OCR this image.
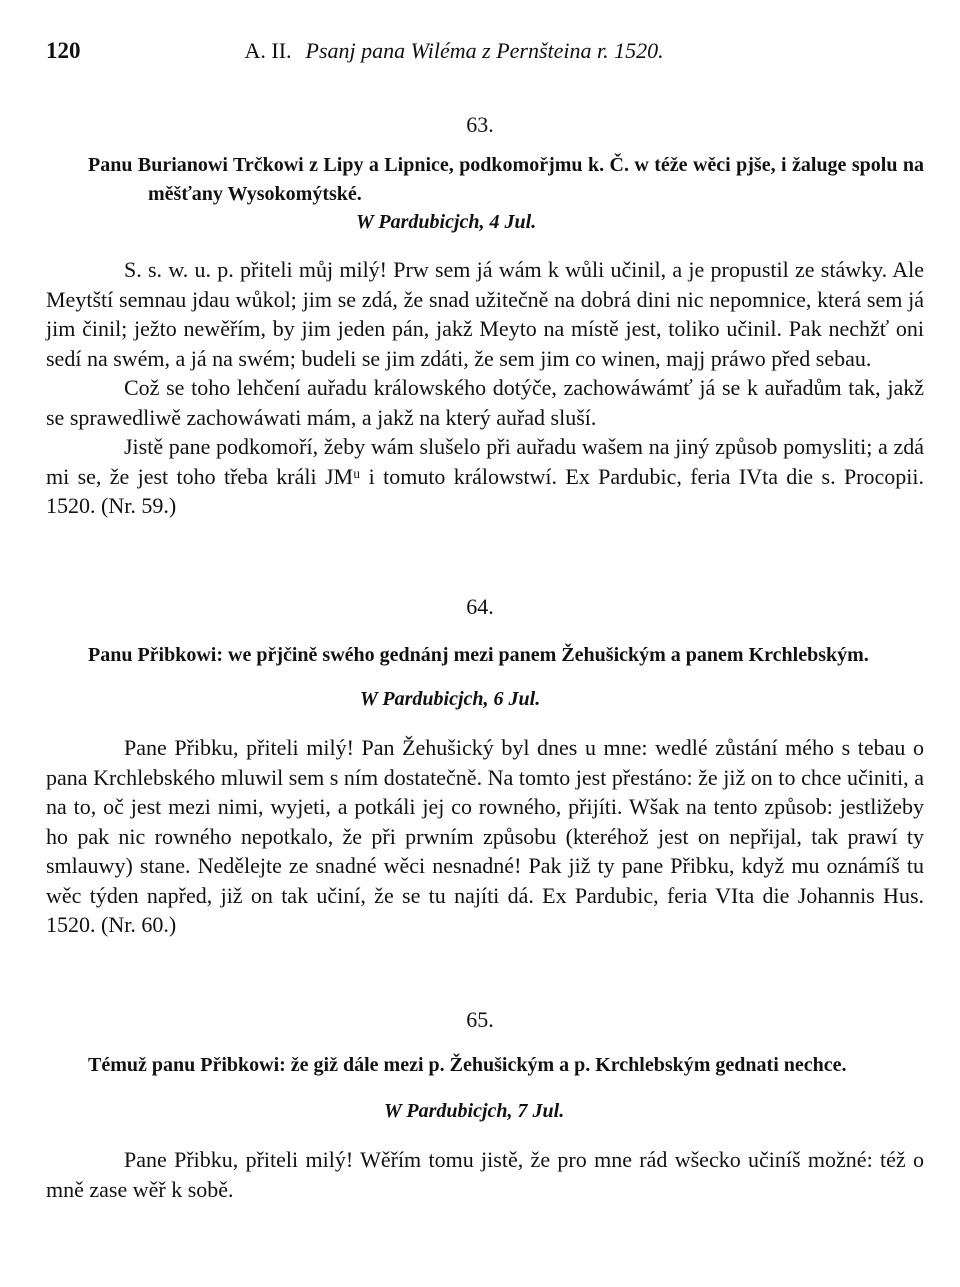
120	A. II. Psanj pana Wiléma z Pernšteina r. 1520.
63.
Panu Burianowi Trčkowi z Lipy a Lipnice, podkomořjmu k. Č. w téže wěci pjše, i žaluge spolu na měšťany Wysokomýtské.
W Pardubicjch, 4 Jul.

S. s. w. u. p. přiteli můj milý! Prw sem já wám k wůli učinil, a je propustil ze stáwky. Ale Meytští semnau jdau wůkol; jim se zdá, že snad užitečně na dobrá dini nic nepomnice, která sem já jim činil; ježto newěřím, by jim jeden pán, jakž Meyto na místě jest, toliko učinil. Pak nechžť oni sedí na swém, a já na swém; budeli se jim zdáti, že sem jim co winen, majj práwo před sebau.

Což se toho lehčení auřadu králowského dotýče, zachowáwámť já se k auřadům tak, jakž se sprawedliwě zachowáwati mám, a jakž na který auřad sluší.

Jistě pane podkomoří, žeby wám slušelo při auřadu wašem na jiný způsob pomysliti; a zdá mi se, že jest toho třeba králi JMᵘ i tomuto králowstwí. Ex Pardubic, feria IVta die s. Procopii. 1520. (Nr. 59.)

64.
Panu Přibkowi: we přjčině swého gednánj mezi panem Žehušickým a panem Krchlebským.
W Pardubicjch, 6 Jul.

Pane Přibku, přiteli milý! Pan Žehušický byl dnes u mne: wedlé zůstání mého s tebau o pana Krchlebského mluwil sem s ním dostatečně. Na tomto jest přestáno: že již on to chce učiniti, a na to, oč jest mezi nimi, wyjeti, a potkáli jej co rowného, přijíti. Wšak na tento způsob: jestližeby ho pak nic rowného nepotkalo, že při prwním způsobu (kteréhož jest on nepřijal, tak prawí ty smlauwy) stane. Nedělejte ze snadné wěci nesnadné! Pak již ty pane Přibku, když mu oznámíš tu wěc týden napřed, již on tak učiní, že se tu najíti dá. Ex Pardubic, feria VIta die Johannis Hus. 1520. (Nr. 60.)

65.
Témuž panu Přibkowi: že giž dále mezi p. Žehušickým a p. Krchlebským gednati nechce.
W Pardubicjch, 7 Jul.

Pane Přibku, přiteli milý! Wěřím tomu jistě, že pro mne rád wšecko učiníš možné: též o mně zase wěř k sobě.
